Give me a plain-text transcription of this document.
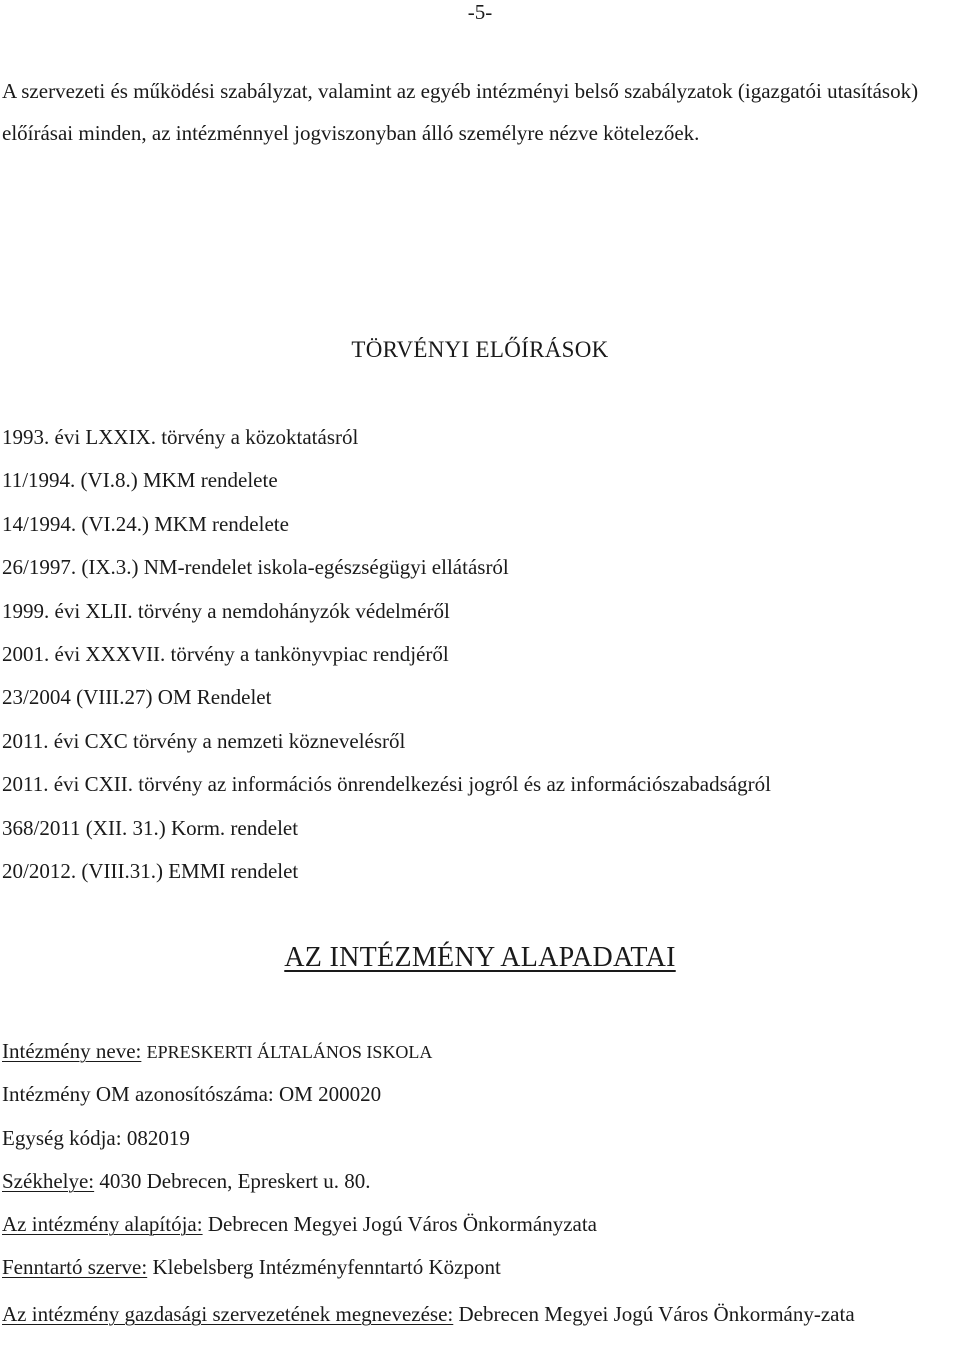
-5-

A szervezeti és működési szabályzat, valamint az egyéb intézményi belső szabályzatok (igazgatói utasítások) előírásai minden, az intézménnyel jogviszonyban álló személyre nézve kötelezőek.

TÖRVÉNYI ELŐÍRÁSOK
1993. évi LXXIX. törvény a közoktatásról
11/1994. (VI.8.) MKM rendelete
14/1994. (VI.24.) MKM rendelete
26/1997. (IX.3.) NM-rendelet iskola-egészségügyi ellátásról
1999. évi XLII. törvény a nemdohányzók védelméről
2001. évi XXXVII. törvény a tankönyvpiac rendjéről
23/2004 (VIII.27) OM Rendelet
2011. évi CXC törvény a nemzeti köznevelésről
2011. évi CXII. törvény az információs önrendelkezési jogról és az információszabadságról
368/2011 (XII. 31.) Korm. rendelet
20/2012. (VIII.31.) EMMI rendelet
AZ INTÉZMÉNY ALAPADATAI
Intézmény neve: EPRESKERTI ÁLTALÁNOS ISKOLA
Intézmény OM azonosítószáma: OM 200020
Egység kódja: 082019
Székhelye: 4030 Debrecen, Epreskert u. 80.
Az intézmény alapítója: Debrecen Megyei Jogú Város Önkormányzata
Fenntartó szerve: Klebelsberg Intézményfenntartó Központ
Az intézmény gazdasági szervezetének megnevezése: Debrecen Megyei Jogú Város Önkormány-zata
